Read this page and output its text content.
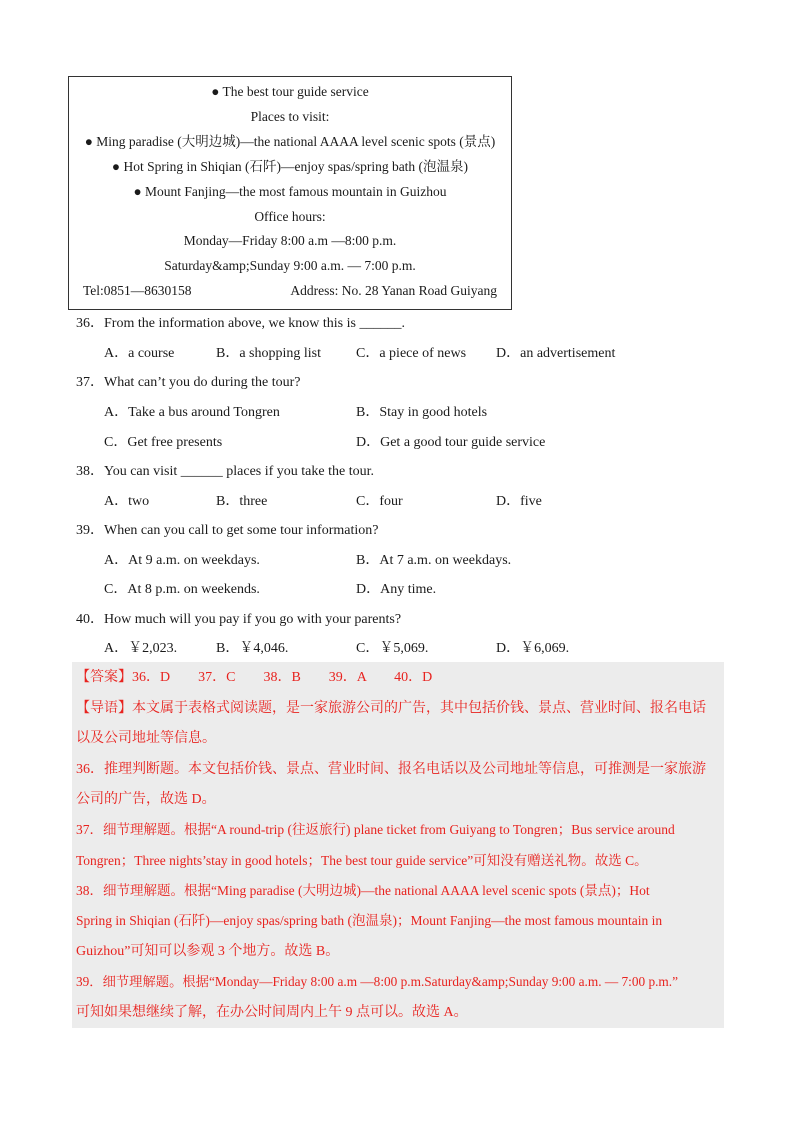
● The best tour guide service
Places to visit:
● Ming paradise (大明边城)—the national AAAA level scenic spots (景点)
● Hot Spring in Shiqian (石阡)—enjoy spas/spring bath (泡温泉)
● Mount Fanjing—the most famous mountain in Guizhou
Office hours:
Monday—Friday 8:00 a.m —8:00 p.m.
Saturday&amp;Sunday 9:00 a.m. — 7:00 p.m.
Tel:0851—8630158	Address: No. 28 Yanan Road Guiyang
36．From the information above, we know this is ______.
A．a course	B．a shopping list C．a piece of news D．an advertisement
37．What can’t you do during the tour?
A．Take a bus around Tongren	B．Stay in good hotels
C．Get free presents	D．Get a good tour guide service
38．You can visit ______ places if you take the tour.
A．two	B．three	C．four	D．five
39．When can you call to get some tour information?
A．At 9 a.m. on weekdays.	B．At 7 a.m. on weekdays.
C．At 8 p.m. on weekends.	D．Any time.
40．How much will you pay if you go with your parents?
A．￥2,023.	B．￥4,046.	C．￥5,069.	D．￥6,069.
【答案】36．D　　37．C　　38．B　　39．A　　40．D
【导语】本文属于表格式阅读题，是一家旅游公司的广告，其中包括价钱、景点、营业时间、报名电话
以及公司地址等信息。
36．推理判断题。本文包括价钱、景点、营业时间、报名电话以及公司地址等信息，可推测是一家旅游
公司的广告，故选 D。
37．细节理解题。根据“A round-trip (往返旅行) plane ticket from Guiyang to Tongren；Bus service around
Tongren；Three nights’stay in good hotels；The best tour guide service”可知没有赠送礼物。故选 C。
38．细节理解题。根据“Ming paradise (大明边城)—the national AAAA level scenic spots (景点)；Hot
Spring in Shiqian (石阡)—enjoy spas/spring bath (泡温泉)；Mount Fanjing—the most famous mountain in
Guizhou”可知可以参观 3 个地方。故选 B。
39．细节理解题。根据“Monday—Friday 8:00 a.m —8:00 p.m.Saturday&amp;Sunday 9:00 a.m. — 7:00 p.m.”
可知如果想继续了解，在办公时间周内上午 9 点可以。故选 A。
